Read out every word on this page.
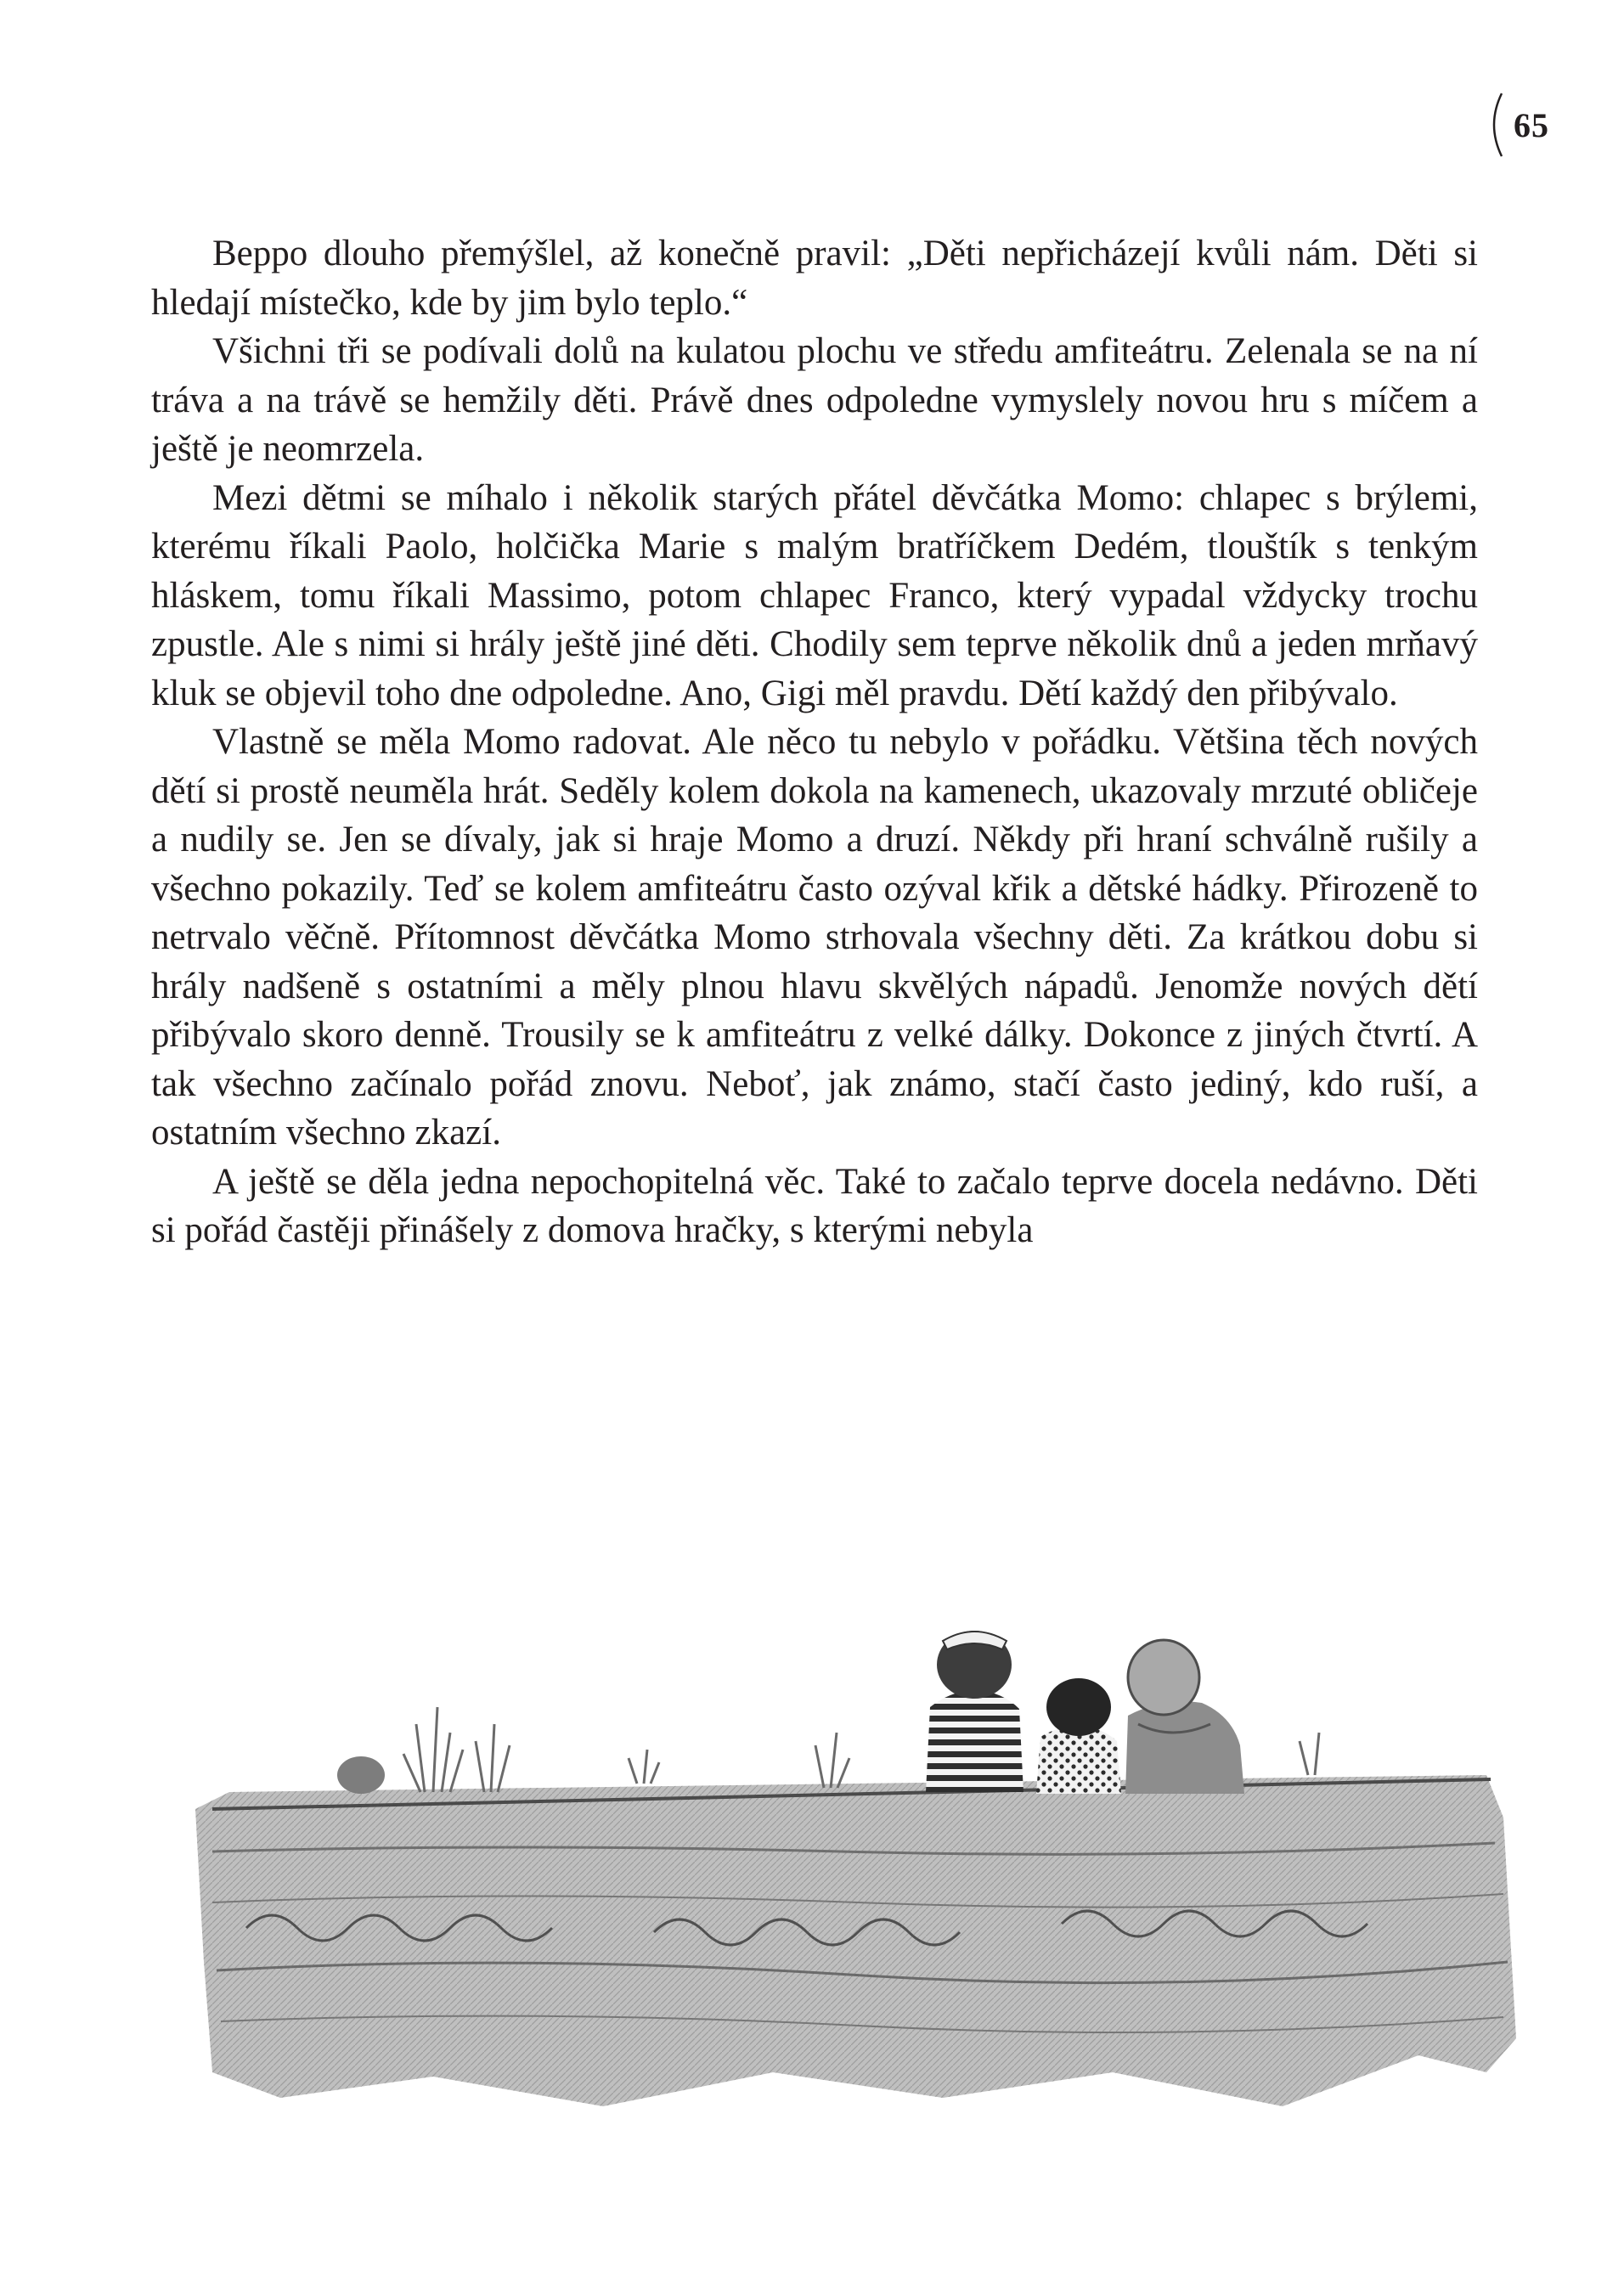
65

Beppo dlouho přemýšlel, až konečně pravil: „Děti nepřicházejí kvůli nám. Děti si hledají místečko, kde by jim bylo teplo.“

Všichni tři se podívali dolů na kulatou plochu ve středu amfiteátru. Zelenala se na ní tráva a na trávě se hemžily děti. Právě dnes odpoledne vymyslely novou hru s míčem a ještě je neomrzela.

Mezi dětmi se míhalo i několik starých přátel děvčátka Momo: chlapec s brýlemi, kterému říkali Paolo, holčička Marie s malým bratříčkem Dedém, tlouštík s tenkým hláskem, tomu říkali Massimo, potom chlapec Franco, který vypadal vždycky trochu zpustle. Ale s nimi si hrály ještě jiné děti. Chodily sem teprve několik dnů a jeden mrňavý kluk se objevil toho dne odpoledne. Ano, Gigi měl pravdu. Dětí každý den přibývalo.

Vlastně se měla Momo radovat. Ale něco tu nebylo v pořádku. Většina těch nových dětí si prostě neuměla hrát. Seděly kolem dokola na kamenech, ukazovaly mrzuté obličeje a nudily se. Jen se dívaly, jak si hraje Momo a druzí. Někdy při hraní schválně rušily a všechno pokazily. Teď se kolem amfiteátru často ozýval křik a dětské hádky. Přirozeně to netrvalo věčně. Přítomnost děvčátka Momo strhovala všechny děti. Za krátkou dobu si hrály nadšeně s ostatními a měly plnou hlavu skvělých nápadů. Jenomže nových dětí přibývalo skoro denně. Trousily se k amfiteátru z velké dálky. Dokonce z jiných čtvrtí. A tak všechno začínalo pořád znovu. Neboť, jak známo, stačí často jediný, kdo ruší, a ostatním všechno zkazí.

A ještě se děla jedna nepochopitelná věc. Také to začalo teprve docela nedávno. Děti si pořád častěji přinášely z domova hračky, s kterými nebyla
